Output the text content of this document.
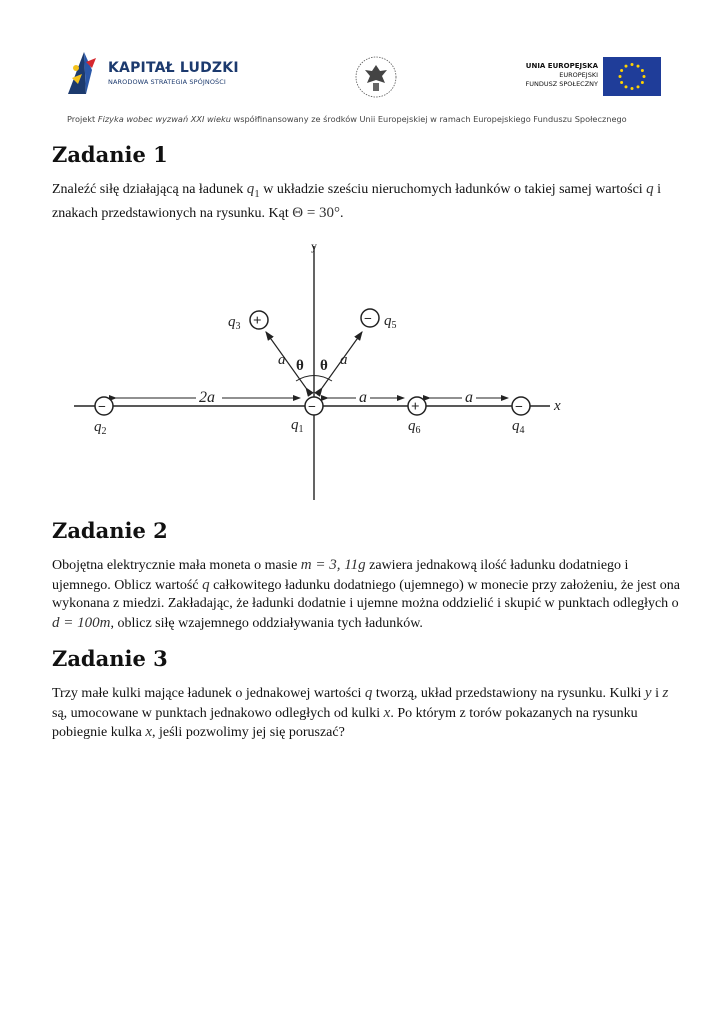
KAPITAŁ LUDZKI
NARODOWA STRATEGIA SPÓJNOŚCI
UNIA EUROPEJSKA
EUROPEJSKI
FUNDUSZ SPOŁECZNY
Projekt Fizyka wobec wyzwań XXI wieku współfinansowany ze środków Unii Europejskiej w ramach Europejskiego Funduszu Społecznego
Zadanie 1

Znaleźć siłę działającą na ładunek $q_1$ w układzie sześciu nieruchomych ładunków o takiej samej wartości q i znakach przedstawionych na rysunku. Kąt Θ = 30°.

Zadanie 2

Obojętna elektrycznie mała moneta o masie m = 3, 11g zawiera jednakową ilość ładunku dodatniego i ujemnego. Oblicz wartość q całkowitego ładunku dodatniego (ujemnego) w monecie przy założeniu, że jest ona wykonana z miedzi. Zakładając, że ładunki dodatnie i ujemne można oddzielić i skupić w punktach odległych o d = 100m, oblicz siłę wzajemnego oddziaływania tych ładunków.

Zadanie 3

Trzy małe kulki mające ładunek o jednakowej wartości q tworzą, układ przedstawiony na rysunku. Kulki y i z są, umocowane w punktach jednakowo odległych od kulki x. Po którym z torów pokazanych na rysunku pobiegnie kulka x, jeśli pozwolimy jej się poruszać?

y
x
2a	a	a
a	a
θ θ
−
$q_1$
−
$q_2$
+
$q_6$
−
$q_4$
+
$q_3$	− $q_5$
